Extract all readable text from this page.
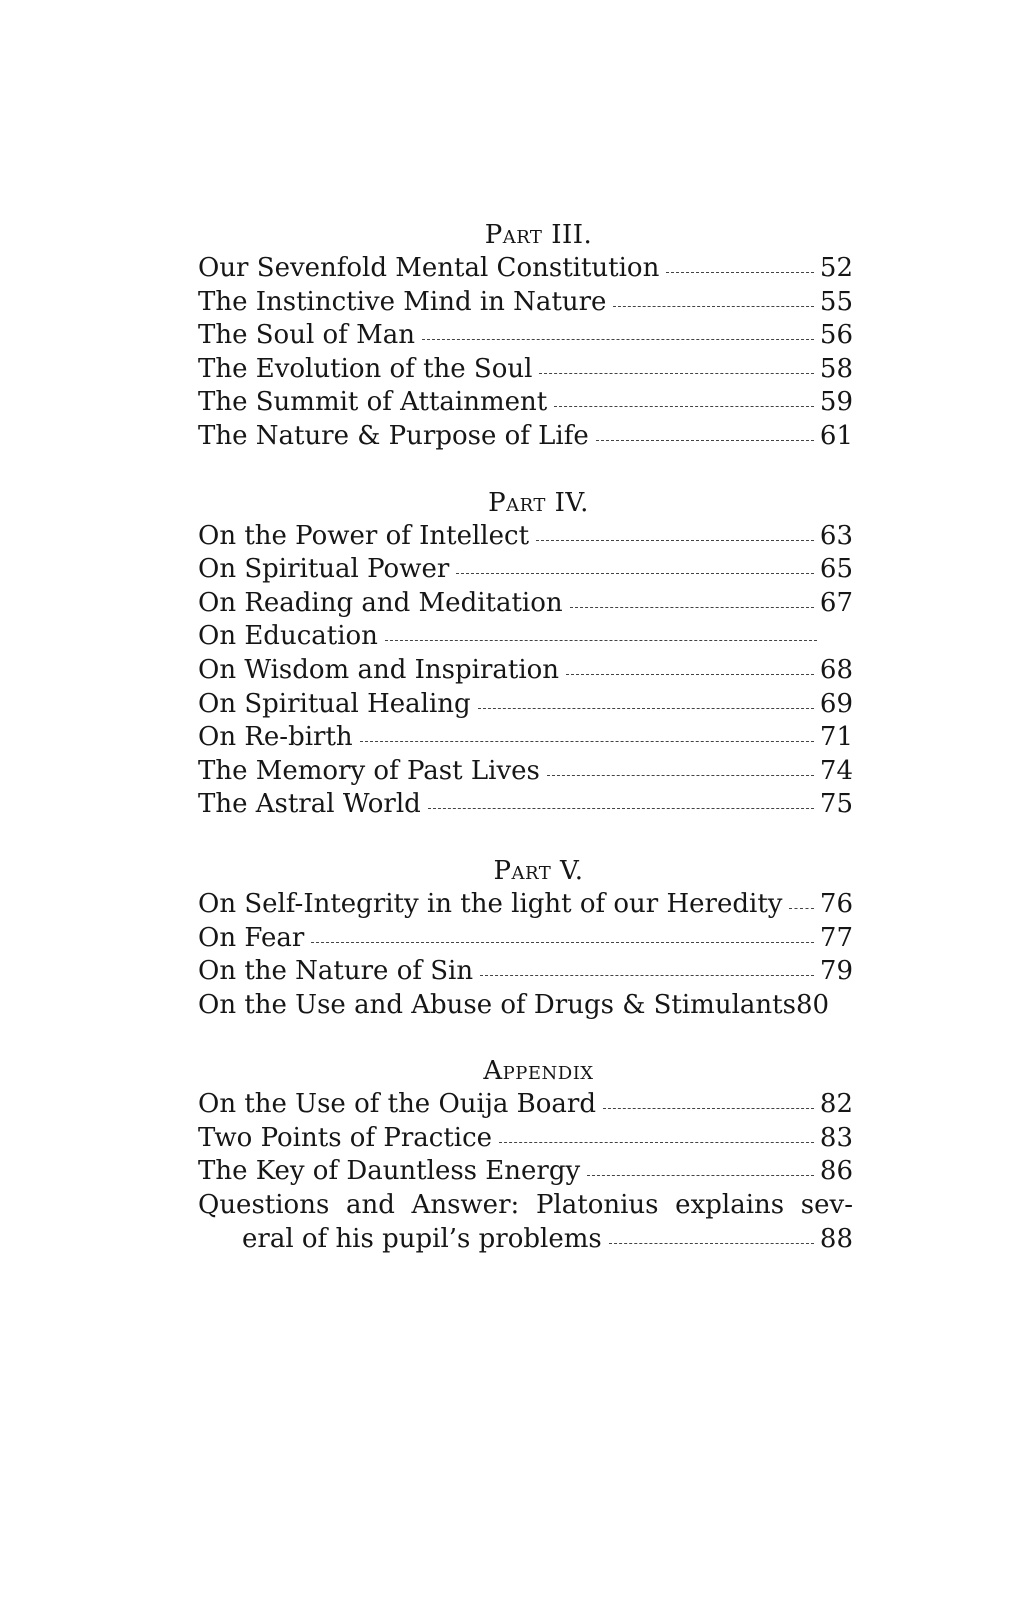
Part III.
Our Sevenfold Mental Constitution	52
The Instinctive Mind in Nature	55
The Soul of Man	56
The Evolution of the Soul	58
The Summit of Attainment	59
The Nature & Purpose of Life	61
Part IV.
On the Power of Intellect	63
On Spiritual Power	65
On Reading and Meditation	67
On Education
On Wisdom and Inspiration	68
On Spiritual Healing	69
On Re-birth	71
The Memory of Past Lives	74
The Astral World	75
Part V.
On Self-Integrity in the light of our Heredity 76
On Fear	77
On the Nature of Sin	79
On the Use and Abuse of Drugs & Stimulants 80
Appendix
On the Use of the Ouija Board	82
Two Points of Practice	83
The Key of Dauntless Energy	86
Questions and Answer: Platonius explains sev-
eral of his pupil’s problems	88
